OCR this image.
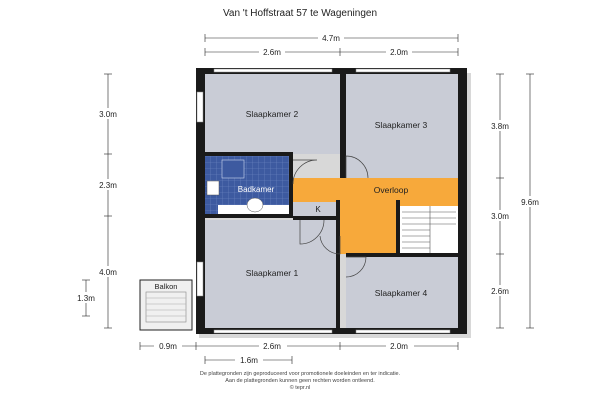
Van 't Hoffstraat 57 te Wageningen
Slaapkamer 2
Slaapkamer 3
Badkamer	Overloop
K
Slaapkamer 1
Slaapkamer 4
Balkon
4.7m
2.6m	2.0m
3.0m
2.3m
4.0m
1.3m
3.8m
3.0m
2.6m
9.6m
0.9m	2.6m	2.0m
1.6m
De plattegronden zijn geproduceerd voor promotionele doeleinden en ter indicatie.
Aan de plattegronden kunnen geen rechten worden ontleend.
© tepr.nl
